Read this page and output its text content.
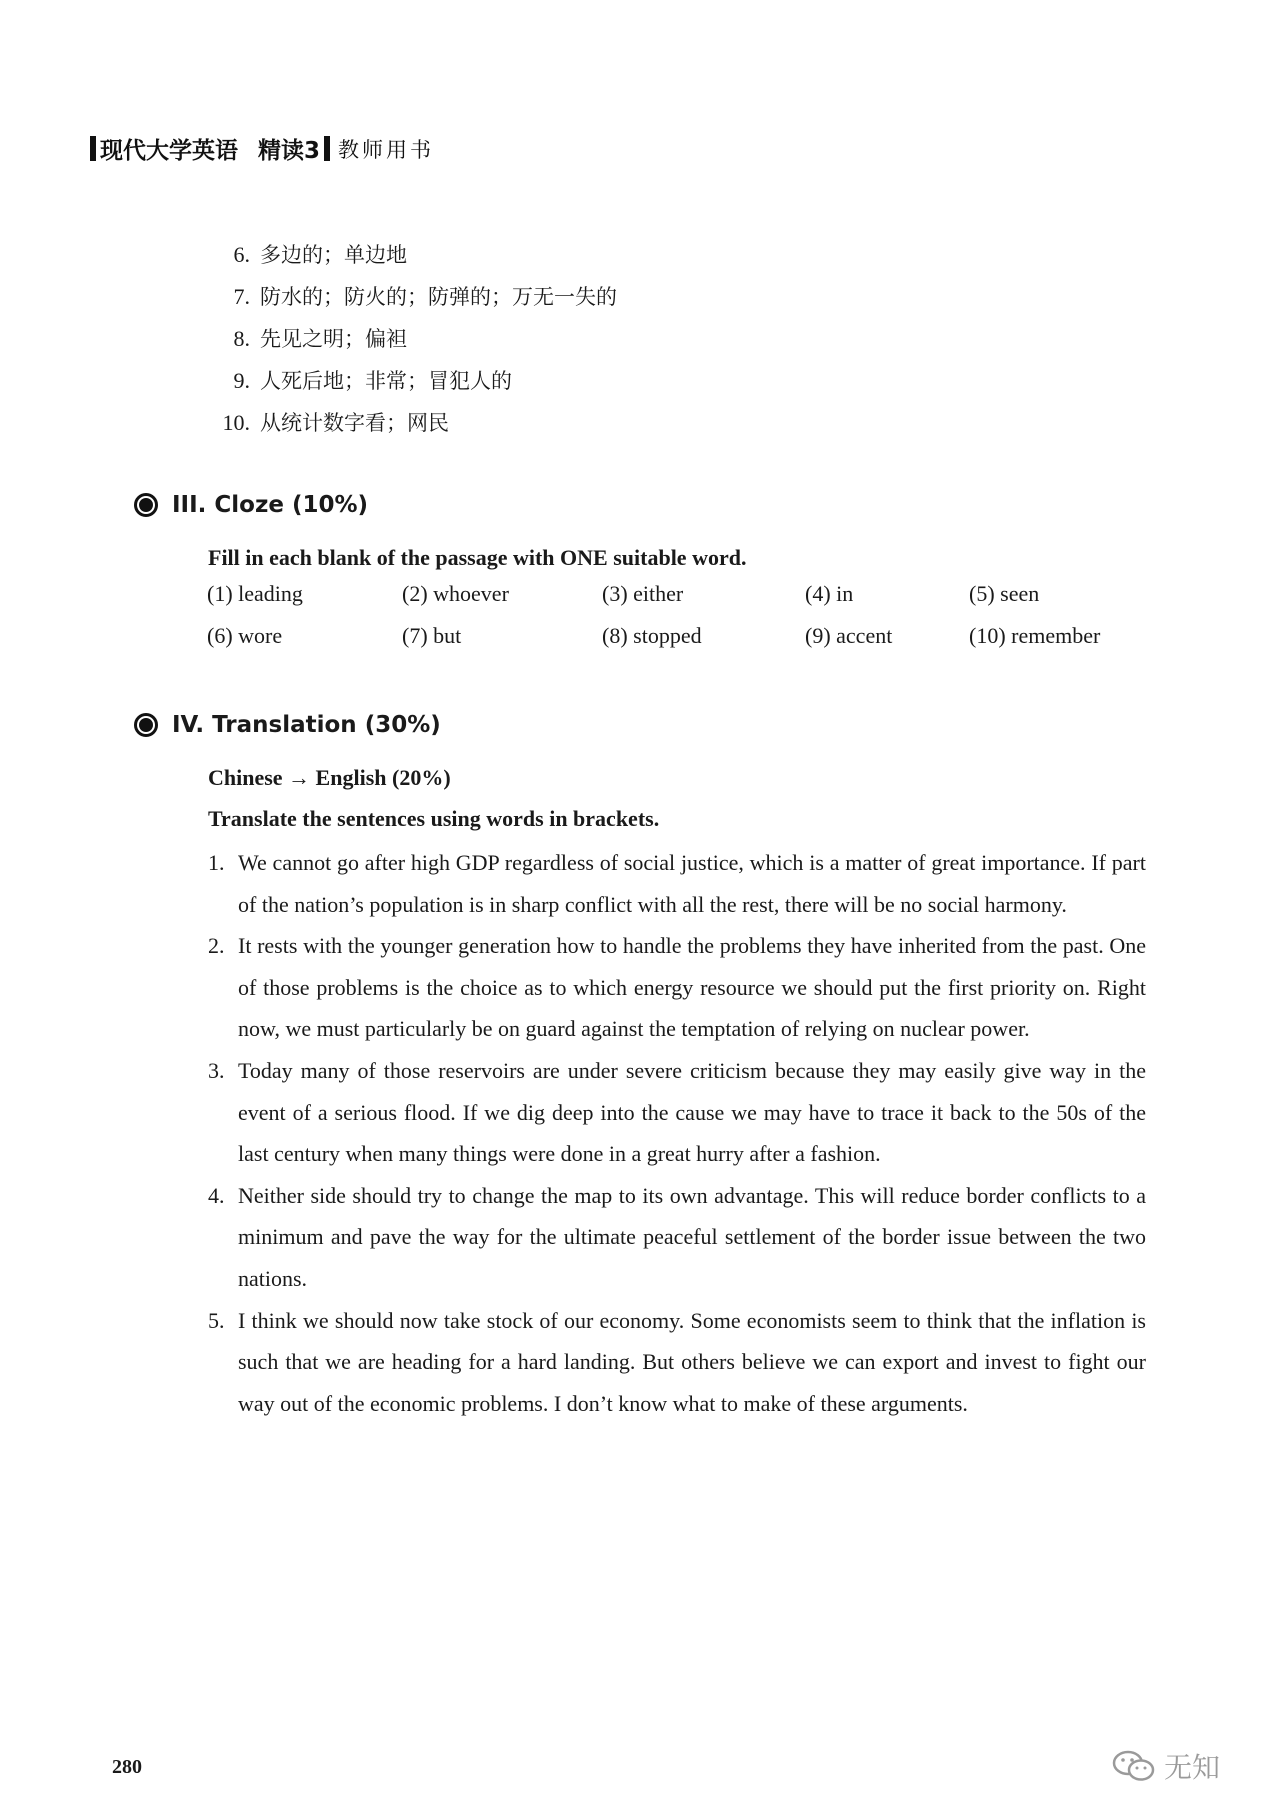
现代大学英语 精读3 教师用书
6. 多边的；单边地
7. 防水的；防火的；防弹的；万无一失的
8. 先见之明；偏袒
9. 人死后地；非常；冒犯人的
10. 从统计数字看；网民
III. Cloze (10%)
Fill in each blank of the passage with ONE suitable word.
(1) leading	(2) whoever	(3) either	(4) in	(5) seen
(6) wore	(7) but	(8) stopped	(9) accent	(10) remember
IV. Translation (30%)
Chinese → English (20%)
Translate the sentences using words in brackets.
1. We cannot go after high GDP regardless of social justice, which is a matter of great importance. If part of the nation’s population is in sharp conflict with all the rest, there will be no social harmony.
2. It rests with the younger generation how to handle the problems they have inherited from the past. One of those problems is the choice as to which energy resource we should put the first priority on. Right now, we must particularly be on guard against the temptation of relying on nuclear power.
3. Today many of those reservoirs are under severe criticism because they may easily give way in the event of a serious flood. If we dig deep into the cause we may have to trace it back to the 50s of the last century when many things were done in a great hurry after a fashion.
4. Neither side should try to change the map to its own advantage. This will reduce border conflicts to a minimum and pave the way for the ultimate peaceful settlement of the border issue between the two nations.
5. I think we should now take stock of our economy. Some economists seem to think that the inflation is such that we are heading for a hard landing. But others believe we can export and invest to fight our way out of the economic problems. I don’t know what to make of these arguments.
280	无知
